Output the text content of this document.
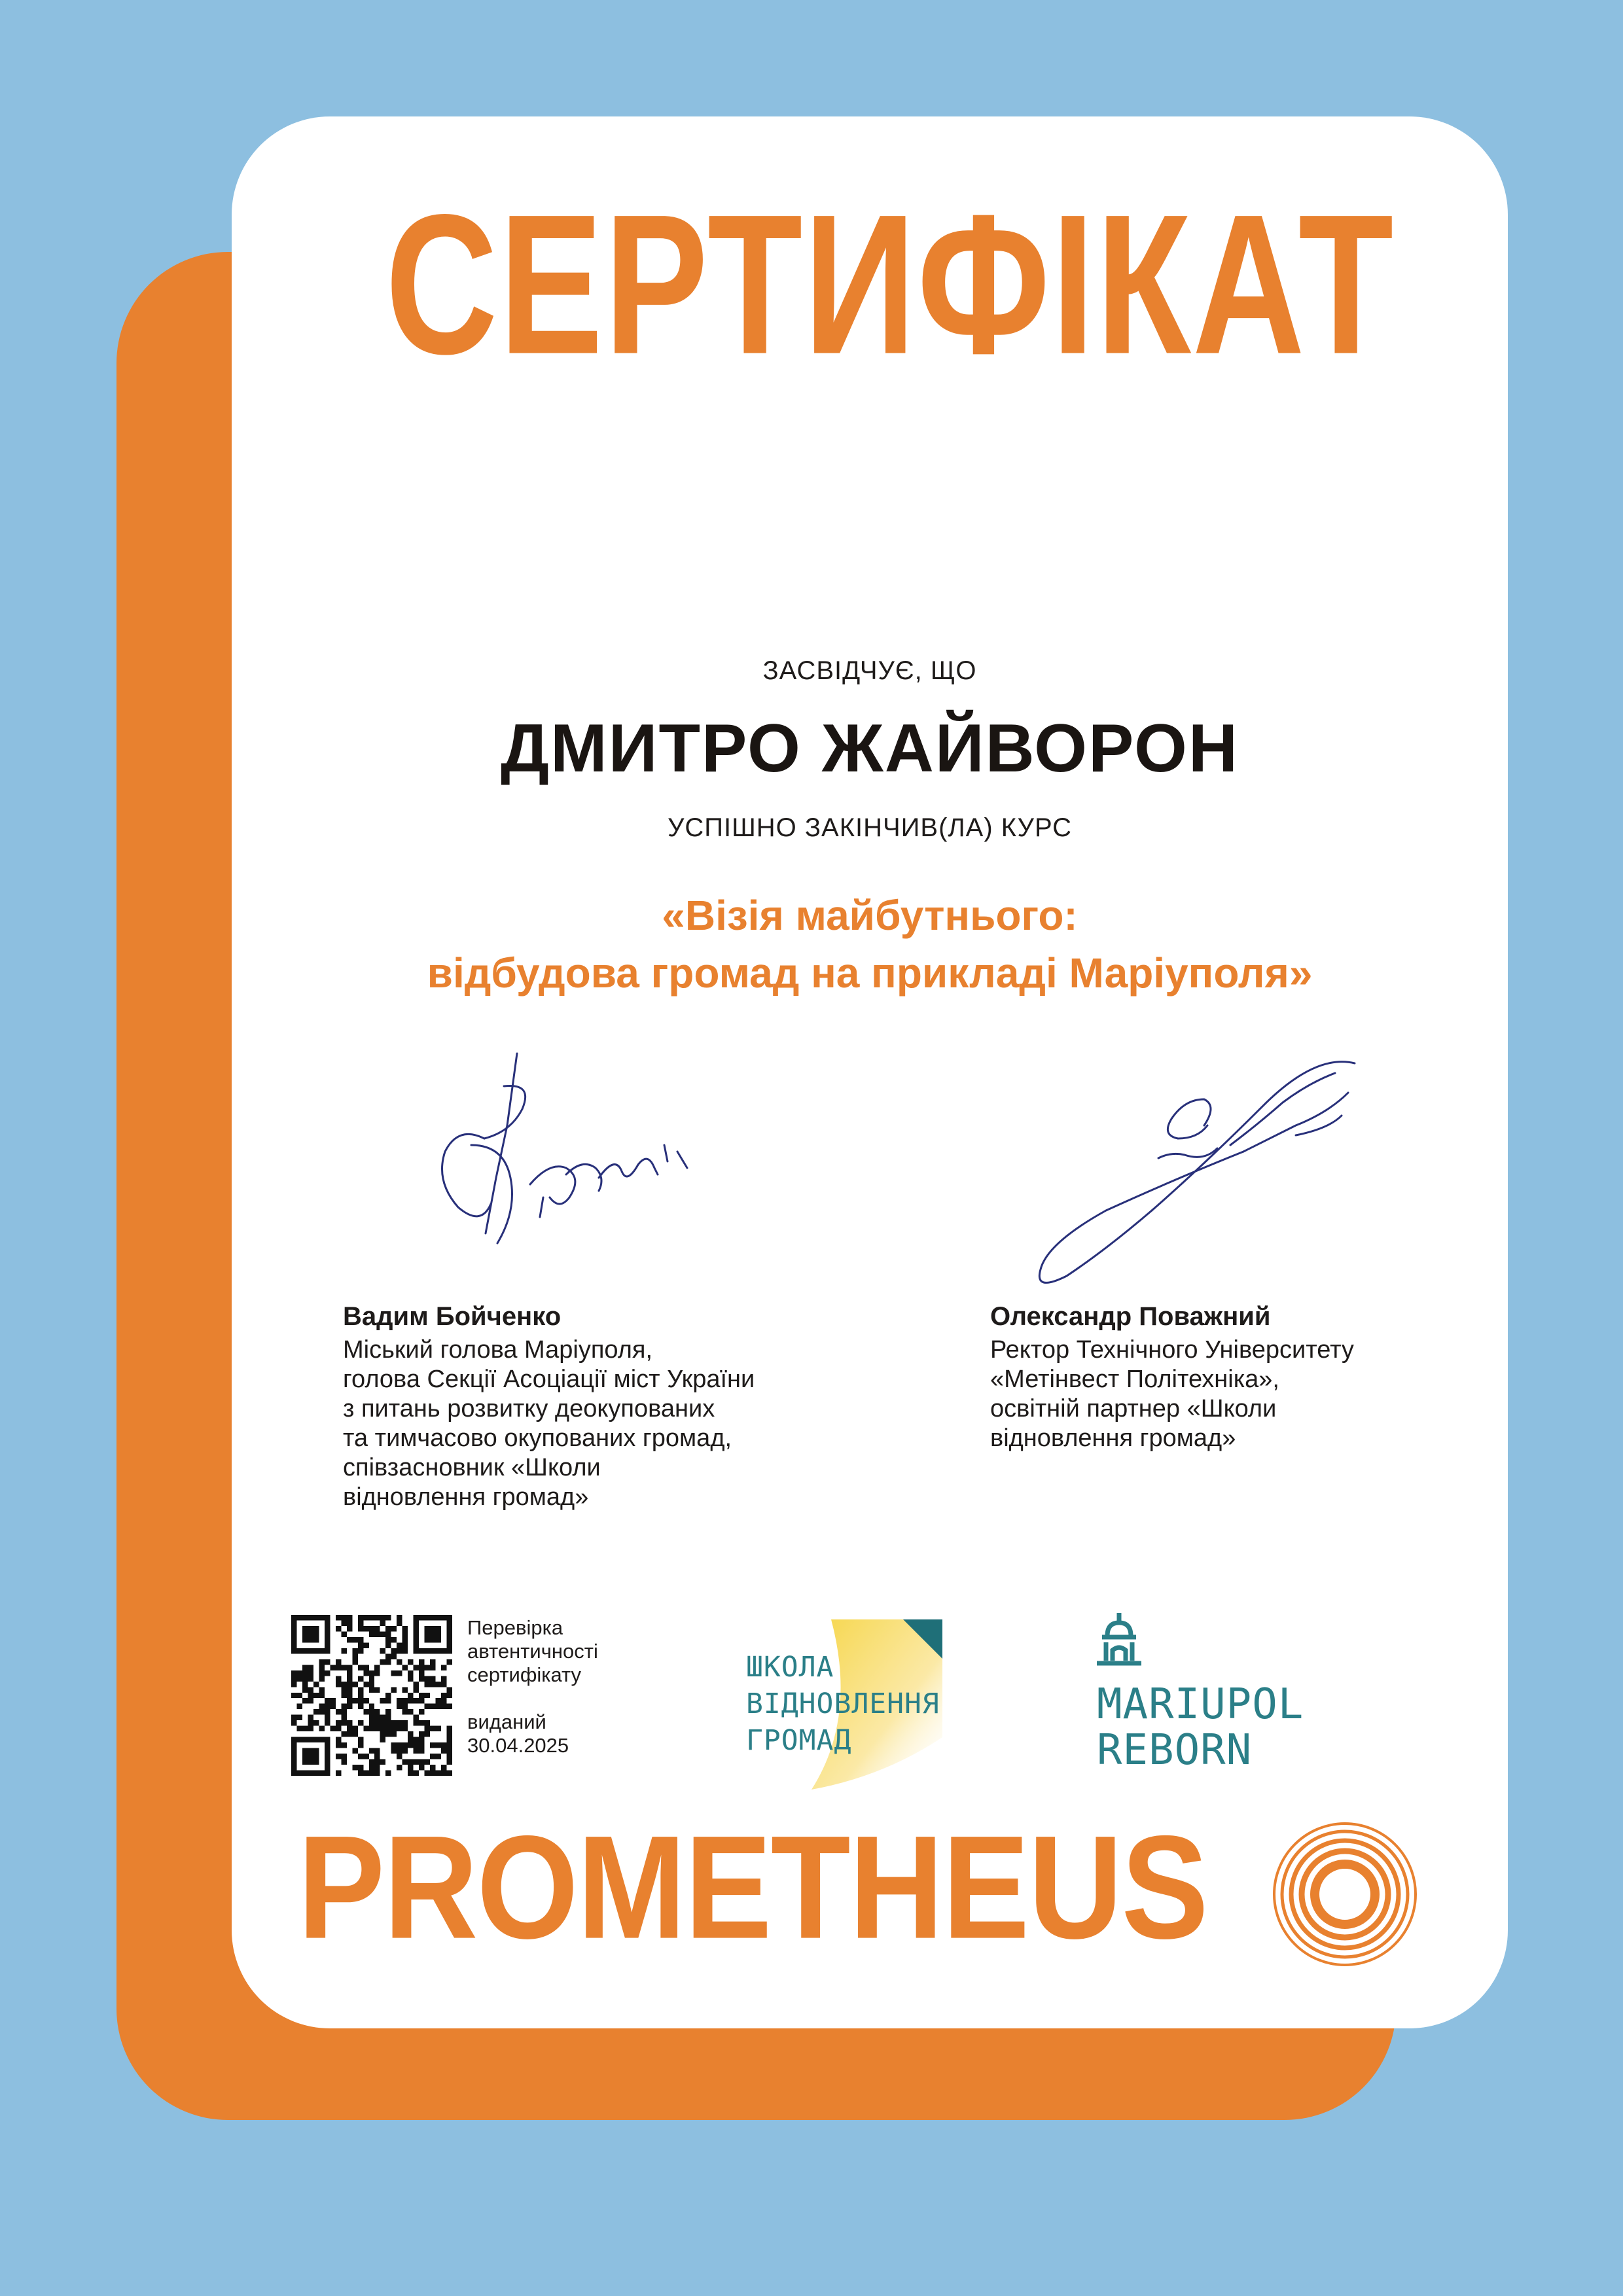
СЕРТИФІКАТ
ЗАСВІДЧУЄ, ЩО
ДМИТРО ЖАЙВОРОН
УСПІШНО ЗАКІНЧИВ(ЛА) КУРС
«Візія майбутнього:
відбудова громад на прикладі Маріуполя»
Вадим Бойченко
Міський голова Маріуполя,
голова Секції Асоціації міст України
з питань розвитку деокупованих
та тимчасово окупованих громад,
співзасновник «Школи
відновлення громад»
Олександр Поважний
Ректор Технічного Університету
«Метінвест Політехніка»,
освітній партнер «Школи
відновлення громад»
Перевірка
автентичності
сертифікату
виданий
30.04.2025
ШКОЛА
ВІДНОВЛЕННЯ
ГРОМАД
MARIUPOL
REBORN
PROMETHEUS
